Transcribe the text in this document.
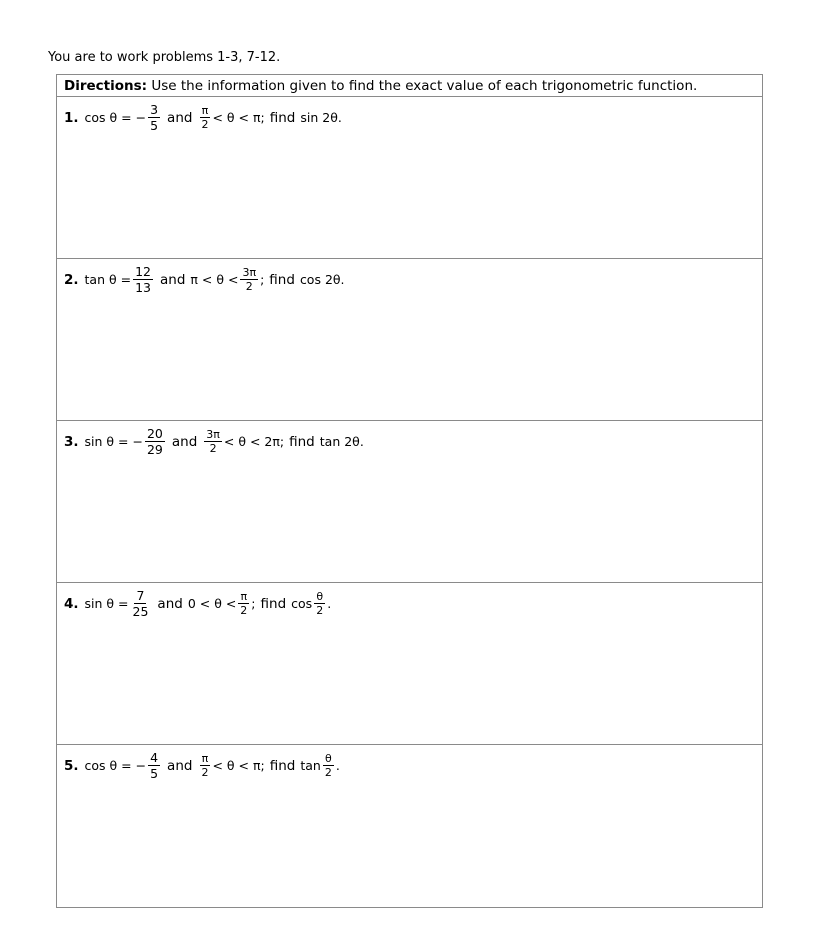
You are to work problems 1-3, 7-12.
Directions: Use the information given to find the exact value of each trigonometric function.
1. cos θ = − $\frac{3}{5}$ and $\frac{\pi}{2} < \theta < \pi$; find sin 2θ.
2. $\tan \theta = \frac{12}{13}$ and $\pi < \theta < \frac{3\pi}{2}$ ; find cos 2θ.
3. sin θ = − $\frac{20}{29}$ and $\frac{3\pi}{2} < \theta < 2\pi$; find tan 2θ.
4. $\sin \theta = \frac{7}{25}$ and $0 < \theta < \frac{\pi}{2}$ ; find $\cos \frac{\theta}{2}$ .
5. cos θ = − $\frac{4}{5}$ and $\frac{\pi}{2} < \theta < \pi$; find $\tan \frac{\theta}{2}$ .
